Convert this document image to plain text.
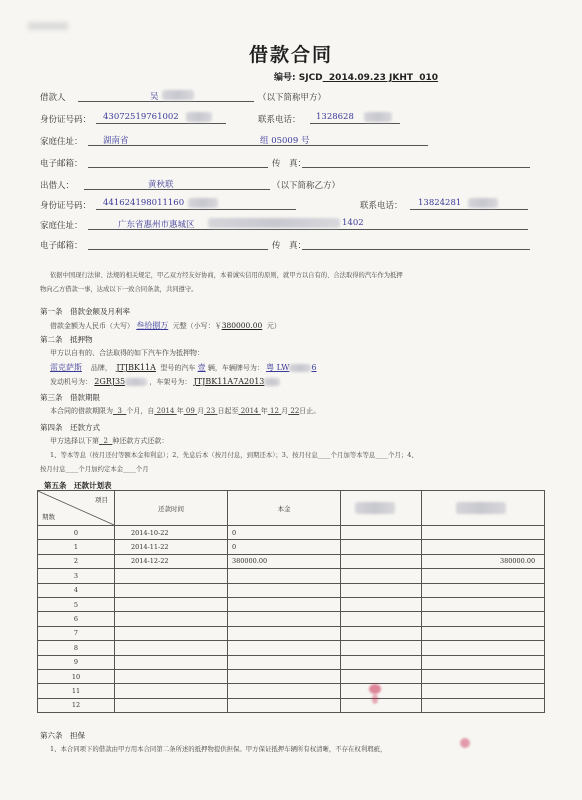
借款合同
编号: SJCD 2014.09.23 JKHT 010
借款人	吴	（以下简称甲方）
身份证号码： 43072519761002	联系电话： 1328628
家庭住址： 湖南省	组 05009 号
电子邮箱：	传　真：
出借人：	黄秋联	（以下简称乙方）
身份证号码： 441624198011160	联系电话： 13824281
家庭住址：	广东省惠州市惠城区	1402
电子邮箱：	传　真：
依据中国现行法律、法规的相关规定，甲乙双方经友好协商，本着诚实信用的原则，就甲方以自有的、合法取得的汽车作为抵押
物向乙方借款一事，达成以下一致合同条款，共同遵守。
第一条　借款金额及月利率
借款金额为人民币（大写） 叁拾捌万 元整（小写：￥380000.00 元）
第二条　抵押物
甲方以自有的、合法取得的如下汽车作为抵押物：
雷克萨斯 品牌， JTJBK11A 型号的汽车 壹 辆，车辆牌号为： 粤 LW	6
发动机号为： 2GRJ35	，车架号为： JTJBK11A7A2013
第三条　借款期限
本合同的借款期限为 3 个月，自 2014 年 09 月 23 日起至 2014 年 12 月 22日止。
第四条　还款方式
甲方选择以下第 2 种还款方式还款：
1、等本等息（按月还付等额本金和利息）；2、先息后本（按月付息，到期还本）；3、按月付息____个月加等本等息____个月；4、
按月付息____个月加约定本金____个月
第五条　还款计划表
项目
期数	还款时间	本金	

0	2014-10-22	0		
1	2014-11-22	0		
2	2014-12-22	380000.00		380000.00
3				
4				
5				
6				
7				
8				
9				
10				
11				
12				
第六条　担保
1、本合同项下的借款由甲方用本合同第二条所述的抵押物提供担保。甲方保证抵押车辆所有权清晰，不存在权利瑕疵，
